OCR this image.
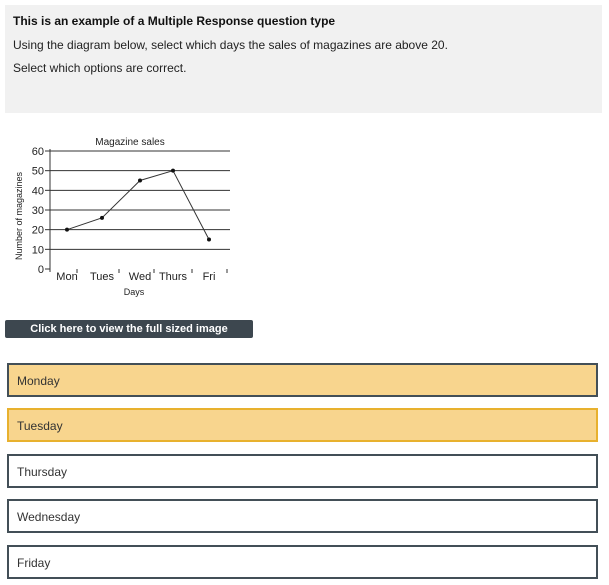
This is an example of a Multiple Response question type
Using the diagram below, select which days the sales of magazines are above 20.
Select which options are correct.
Magazine sales
0
10
20
30
40
50
60
Mon Tues Wed Thurs Fri
Days
Number of magazines
Click here to view the full sized image
Monday
Tuesday
Thursday
Wednesday
Friday
